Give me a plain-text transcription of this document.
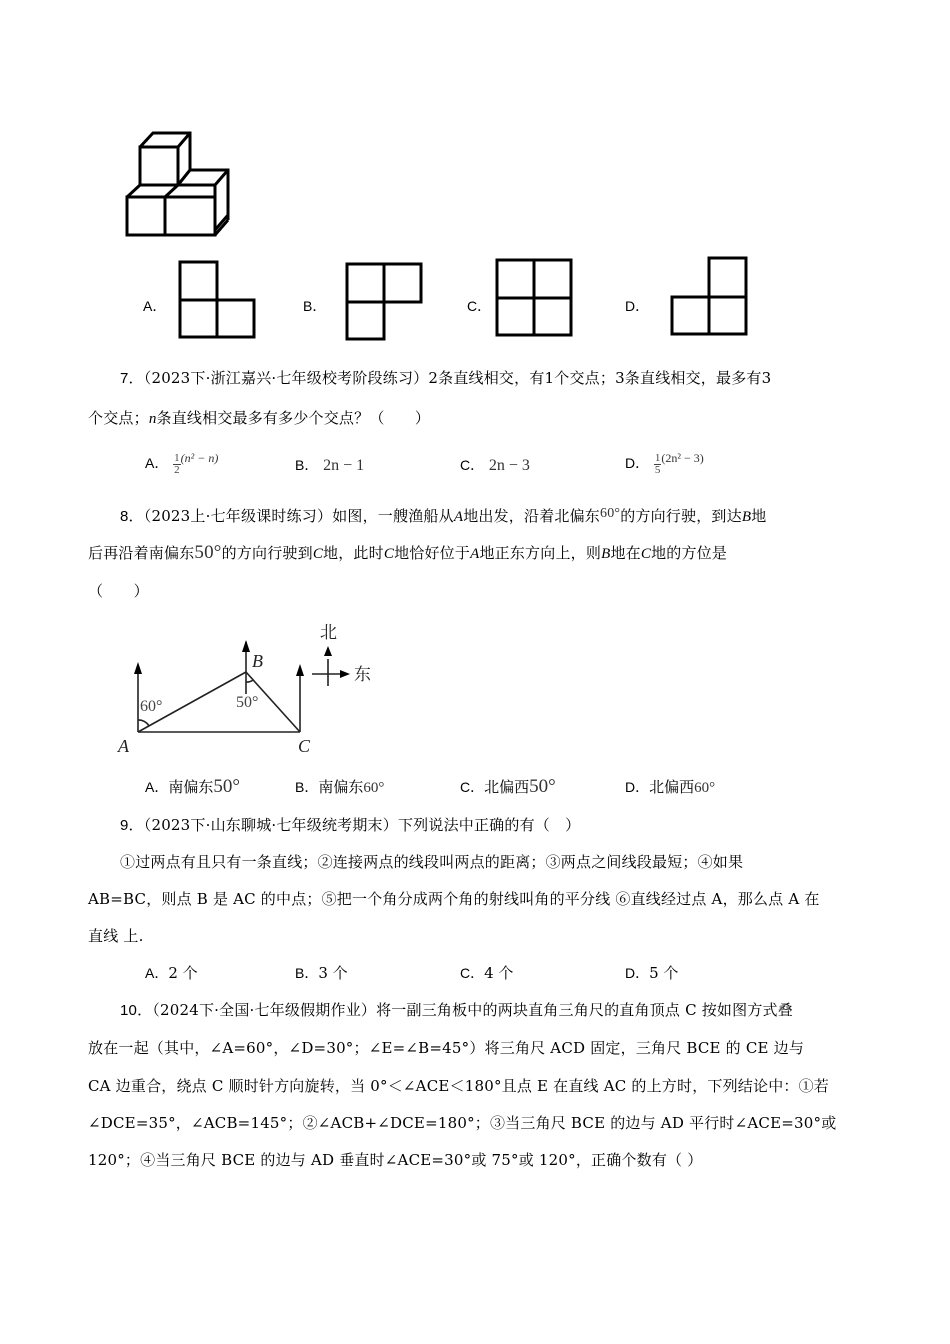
A．	B．	C．	D．
7．（2023下·浙江嘉兴·七年级校考阶段练习）2条直线相交，有1个交点；3条直线相交，最多有3
个交点；n条直线相交最多有多少个交点？（　　）
A． $\frac{1}{2} ^{(n^2 - n)}$	B． 2n − 1	C． 2n − 3	D． $\frac{1}{5} ^{(2n^2 - 3)}$
8．（2023上·七年级课时练习）如图，一艘渔船从A地出发，沿着北偏东60°的方向行驶，到达B地
后再沿着南偏东50°的方向行驶到C地，此时C地恰好位于A地正东方向上，则B地在C地的方位是
（　　）
60°	50°
A
B
C
北
东
A．南偏东50°	B．南偏东60°	C．北偏西50°	D．北偏西60°
9．（2023下·山东聊城·七年级统考期末）下列说法中正确的有（　）
①过两点有且只有一条直线；②连接两点的线段叫两点的距离；③两点之间线段最短；④如果
AB=BC，则点 B 是 AC 的中点；⑤把一个角分成两个角的射线叫角的平分线 ⑥直线经过点 A，那么点 A 在
直线 上.
A．2 个	B．3 个	C．4 个	D．5 个
10．（2024下·全国·七年级假期作业）将一副三角板中的两块直角三角尺的直角顶点 C 按如图方式叠
放在一起（其中，∠A=60°，∠D=30°；∠E=∠B=45°）将三角尺 ACD 固定，三角尺 BCE 的 CE 边与
CA 边重合，绕点 C 顺时针方向旋转，当 0°＜∠ACE＜180°且点 E 在直线 AC 的上方时，下列结论中：①若
∠DCE=35°，∠ACB=145°；②∠ACB+∠DCE=180°；③当三角尺 BCE 的边与 AD 平行时∠ACE=30°或
120°；④当三角尺 BCE 的边与 AD 垂直时∠ACE=30°或 75°或 120°，正确个数有（ ）
